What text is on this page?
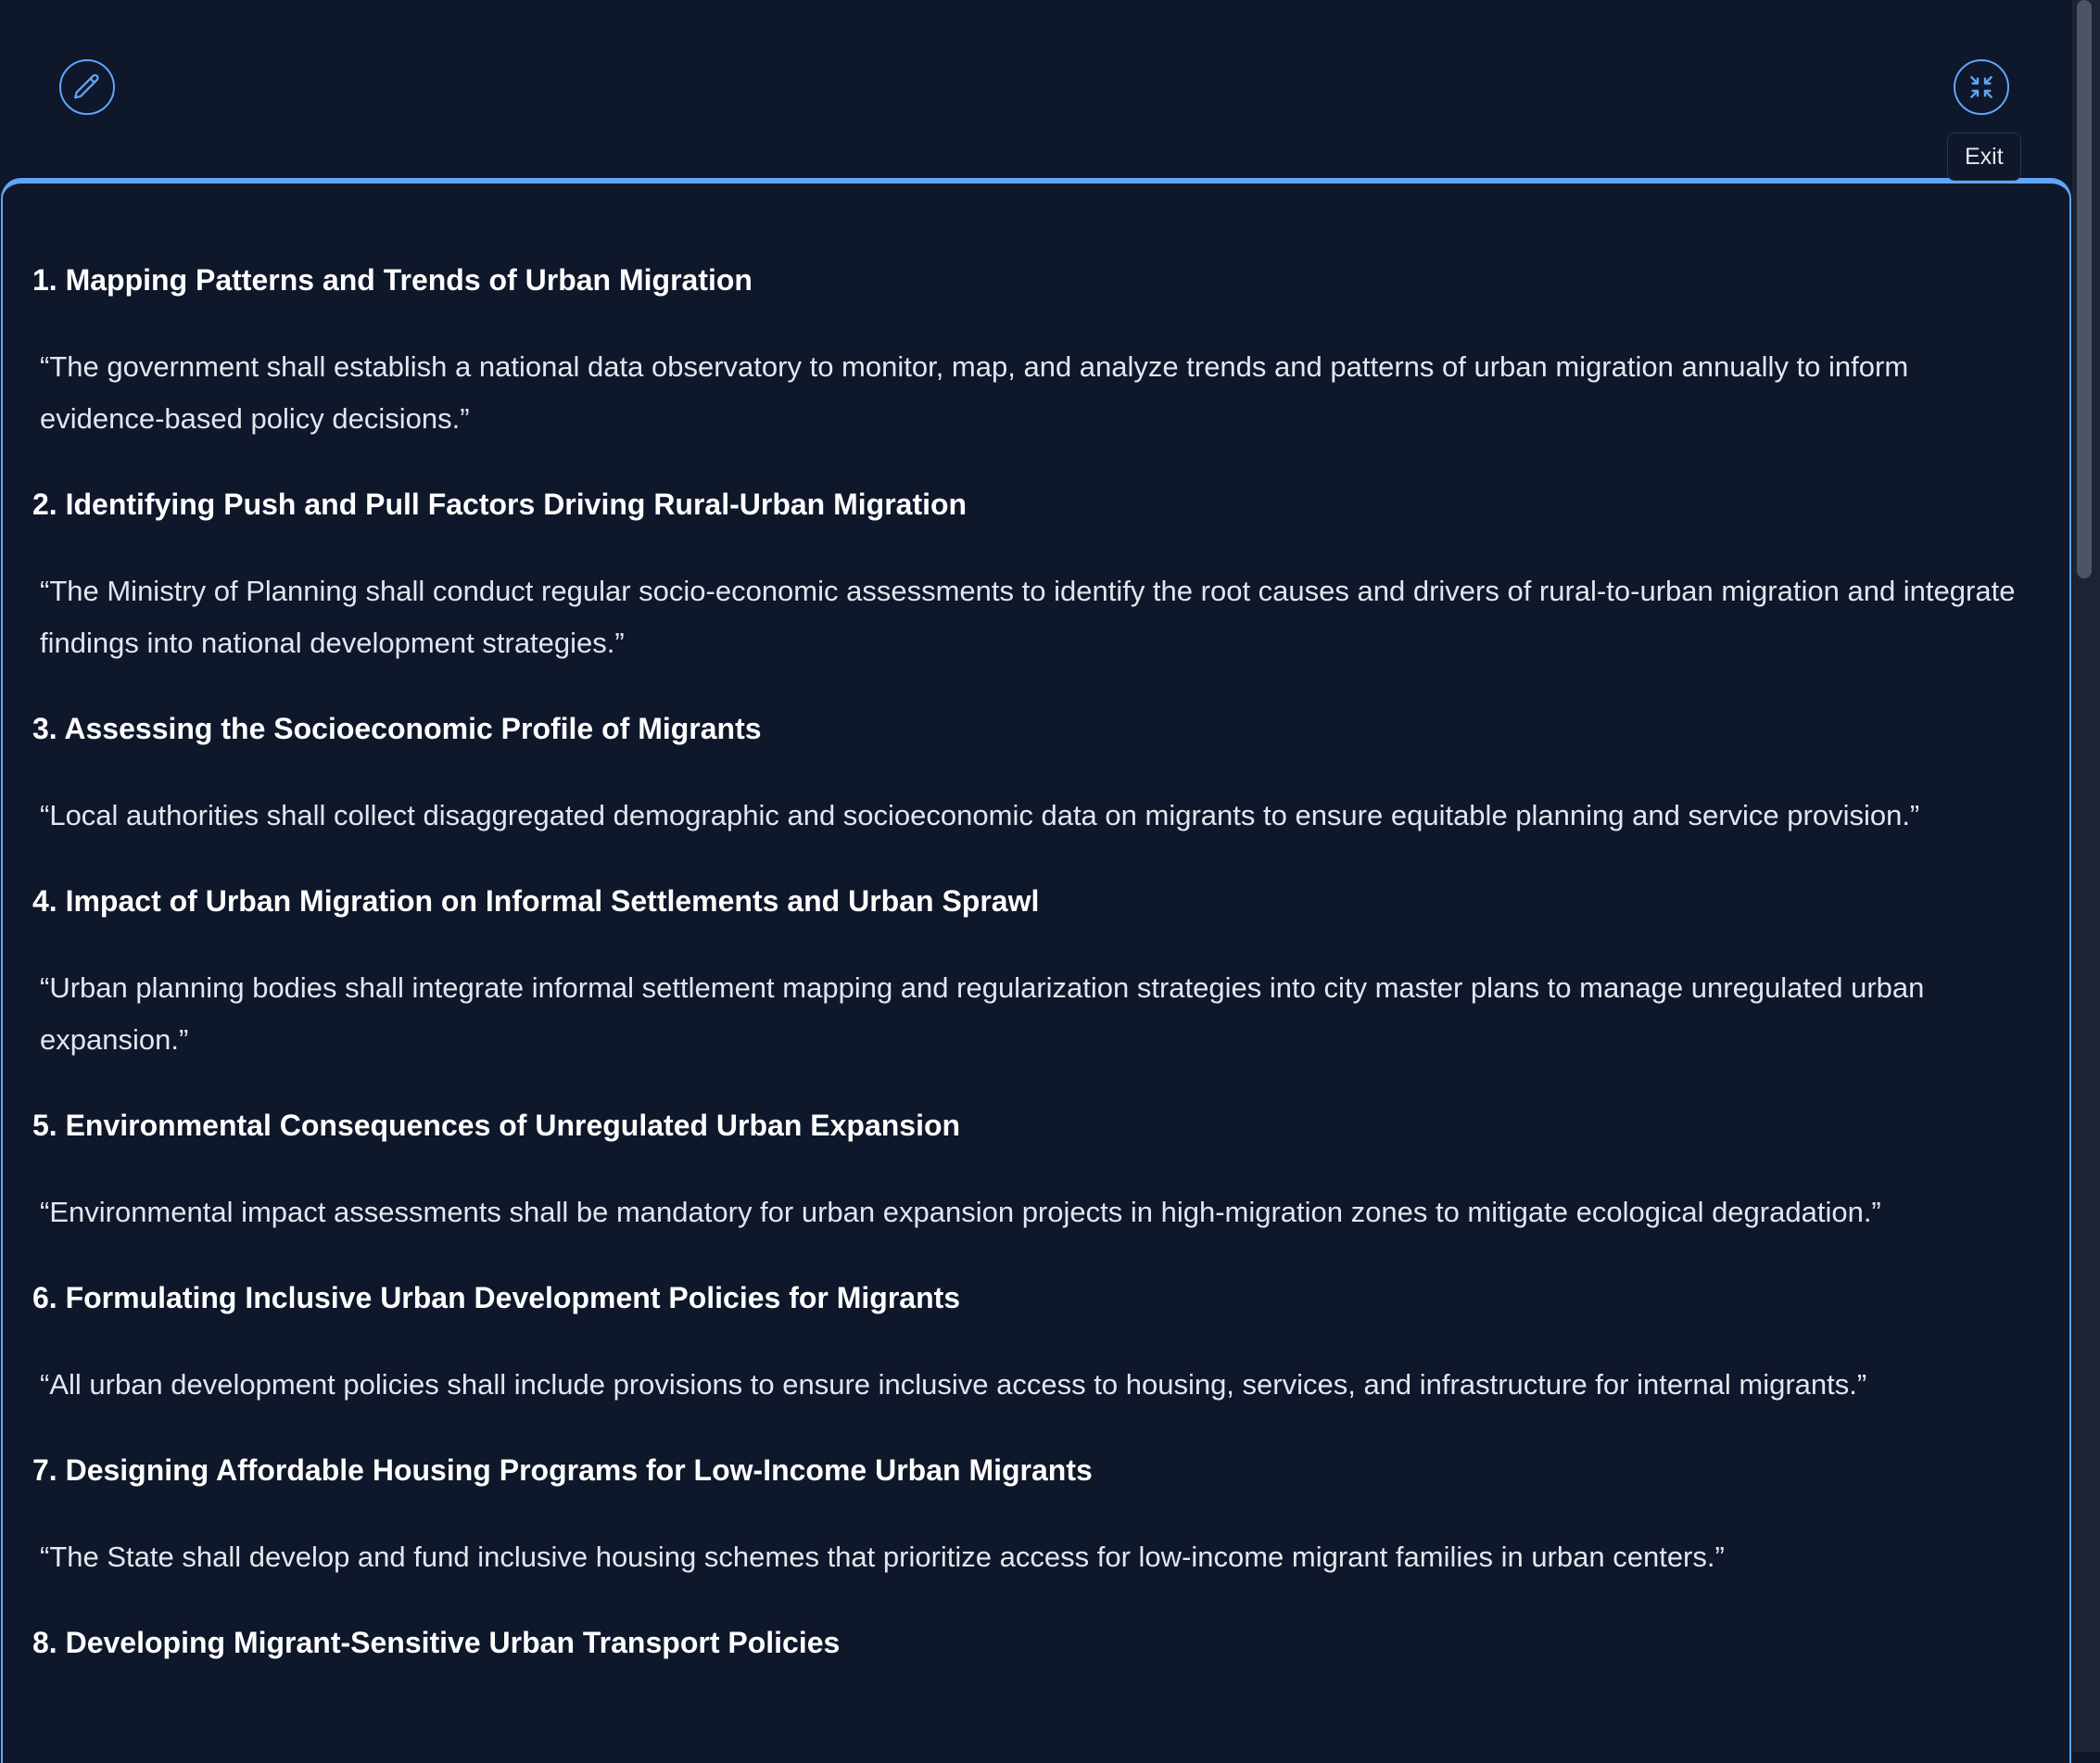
Exit
1. Mapping Patterns and Trends of Urban Migration
“The government shall establish a national data observatory to monitor, map, and analyze trends and patterns of urban migration annually to inform evidence-based policy decisions.”
2. Identifying Push and Pull Factors Driving Rural-Urban Migration
“The Ministry of Planning shall conduct regular socio-economic assessments to identify the root causes and drivers of rural-to-urban migration and integrate findings into national development strategies.”
3. Assessing the Socioeconomic Profile of Migrants
“Local authorities shall collect disaggregated demographic and socioeconomic data on migrants to ensure equitable planning and service provision.”
4. Impact of Urban Migration on Informal Settlements and Urban Sprawl
“Urban planning bodies shall integrate informal settlement mapping and regularization strategies into city master plans to manage unregulated urban expansion.”
5. Environmental Consequences of Unregulated Urban Expansion
“Environmental impact assessments shall be mandatory for urban expansion projects in high-migration zones to mitigate ecological degradation.”
6. Formulating Inclusive Urban Development Policies for Migrants
“All urban development policies shall include provisions to ensure inclusive access to housing, services, and infrastructure for internal migrants.”
7. Designing Affordable Housing Programs for Low-Income Urban Migrants
“The State shall develop and fund inclusive housing schemes that prioritize access for low-income migrant families in urban centers.”
8. Developing Migrant-Sensitive Urban Transport Policies
